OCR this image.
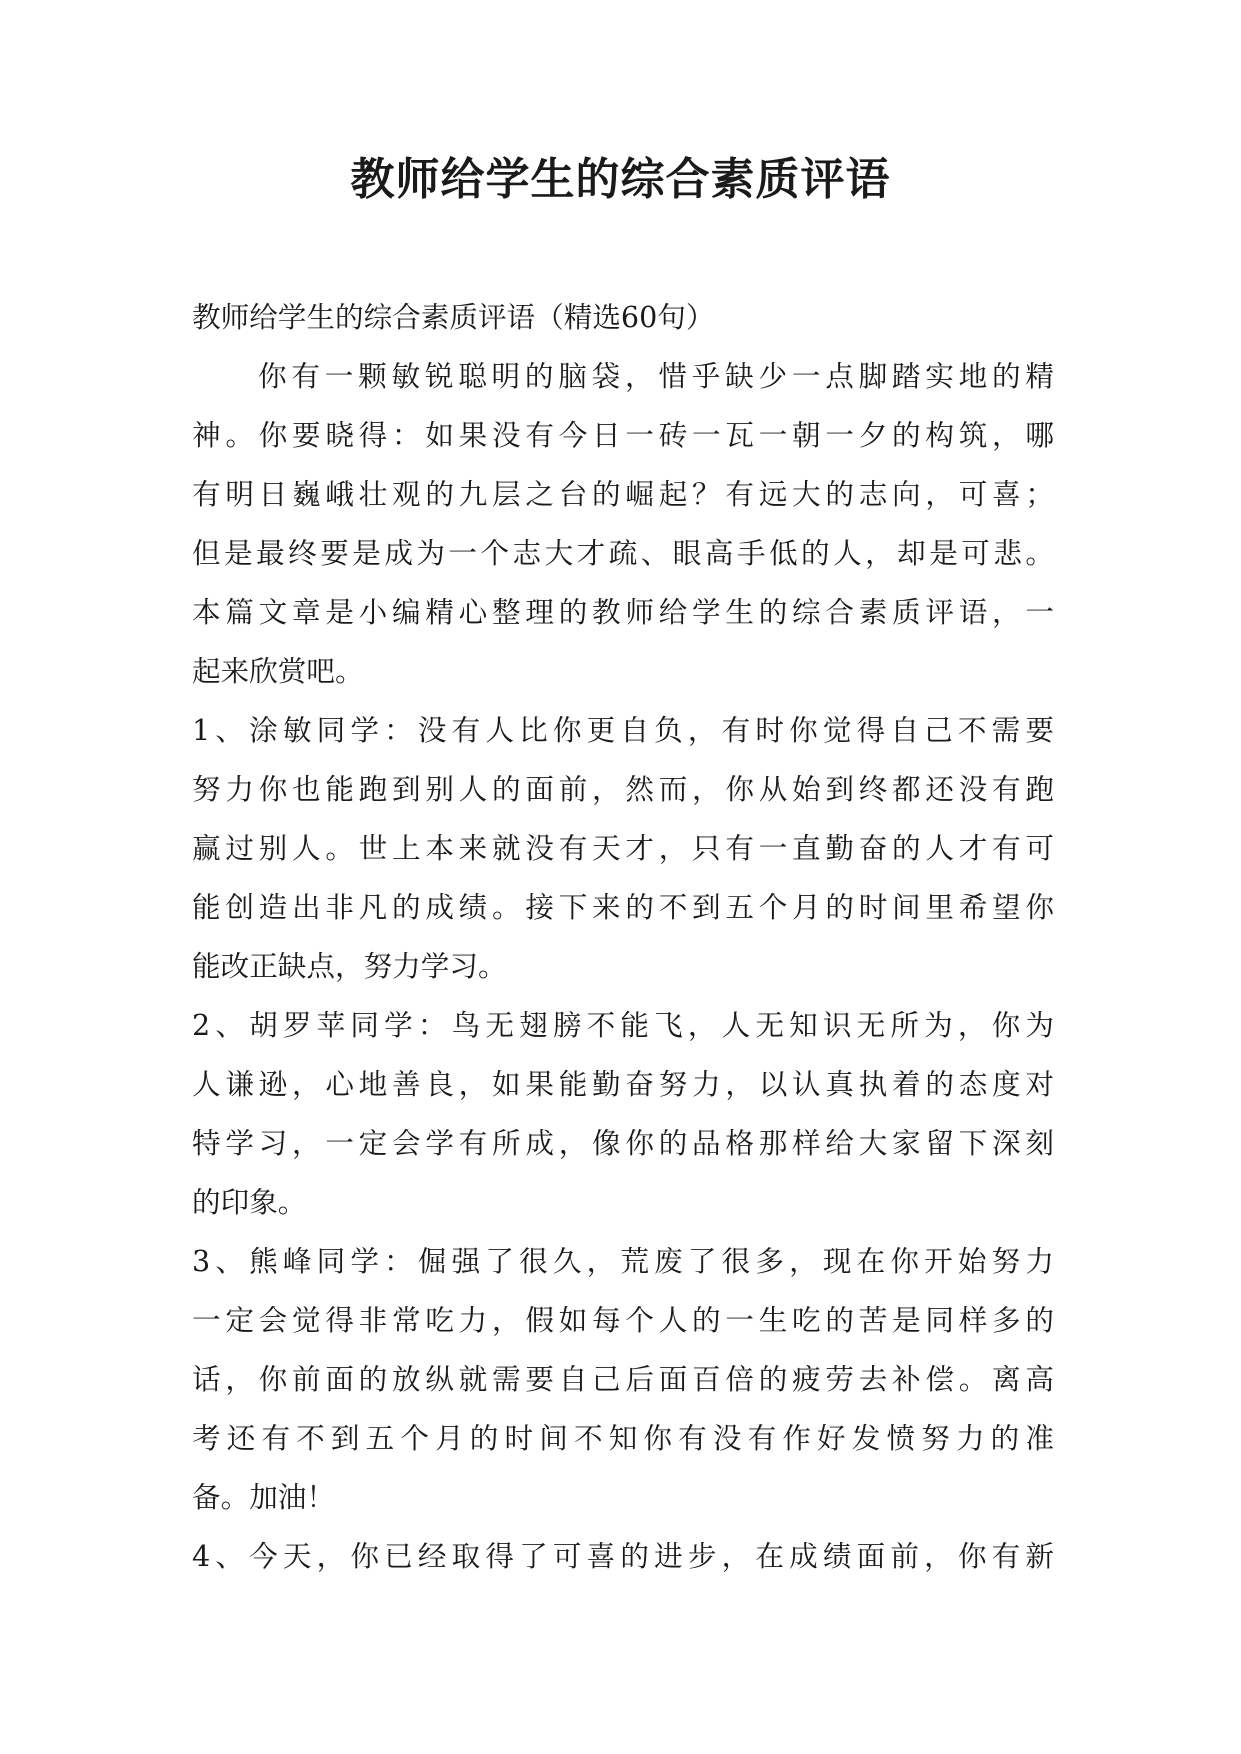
教师给学生的综合素质评语
教师给学生的综合素质评语（精选60句）
你有一颗敏锐聪明的脑袋，惜乎缺少一点脚踏实地的精
神。你要晓得：如果没有今日一砖一瓦一朝一夕的构筑，哪
有明日巍峨壮观的九层之台的崛起？有远大的志向，可喜；
但是最终要是成为一个志大才疏、眼高手低的人，却是可悲。
本篇文章是小编精心整理的教师给学生的综合素质评语，一
起来欣赏吧。
1、涂敏同学：没有人比你更自负，有时你觉得自己不需要
努力你也能跑到别人的面前，然而，你从始到终都还没有跑
赢过别人。世上本来就没有天才，只有一直勤奋的人才有可
能创造出非凡的成绩。接下来的不到五个月的时间里希望你
能改正缺点，努力学习。
2、胡罗苹同学：鸟无翅膀不能飞，人无知识无所为，你为
人谦逊，心地善良，如果能勤奋努力，以认真执着的态度对
特学习，一定会学有所成，像你的品格那样给大家留下深刻
的印象。
3、熊峰同学：倔强了很久，荒废了很多，现在你开始努力
一定会觉得非常吃力，假如每个人的一生吃的苦是同样多的
话，你前面的放纵就需要自己后面百倍的疲劳去补偿。离高
考还有不到五个月的时间不知你有没有作好发愤努力的准
备。加油！
4、今天，你已经取得了可喜的进步，在成绩面前，你有新
